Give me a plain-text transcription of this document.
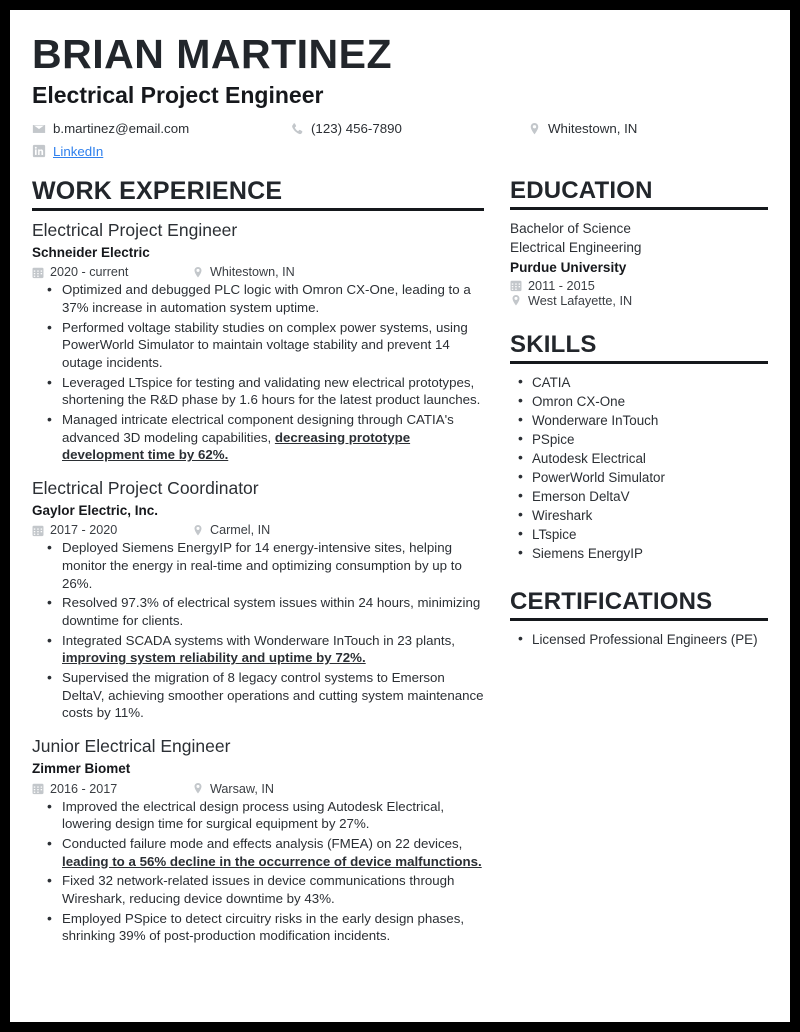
BRIAN MARTINEZ
Electrical Project Engineer
b.martinez@email.com	(123) 456-7890	Whitestown, IN
LinkedIn
WORK EXPERIENCE
Electrical Project Engineer
Schneider Electric
2020 - current	Whitestown, IN
• Optimized and debugged PLC logic with Omron CX-One, leading to a 37% increase in automation system uptime.
• Performed voltage stability studies on complex power systems, using PowerWorld Simulator to maintain voltage stability and prevent 14 outage incidents.
• Leveraged LTspice for testing and validating new electrical prototypes, shortening the R&D phase by 1.6 hours for the latest product launches.
• Managed intricate electrical component designing through CATIA's advanced 3D modeling capabilities, decreasing prototype development time by 62%.
Electrical Project Coordinator
Gaylor Electric, Inc.
2017 - 2020	Carmel, IN
• Deployed Siemens EnergyIP for 14 energy-intensive sites, helping monitor the energy in real-time and optimizing consumption by up to 26%.
• Resolved 97.3% of electrical system issues within 24 hours, minimizing downtime for clients.
• Integrated SCADA systems with Wonderware InTouch in 23 plants, improving system reliability and uptime by 72%.
• Supervised the migration of 8 legacy control systems to Emerson DeltaV, achieving smoother operations and cutting system maintenance costs by 11%.
Junior Electrical Engineer
Zimmer Biomet
2016 - 2017	Warsaw, IN
• Improved the electrical design process using Autodesk Electrical, lowering design time for surgical equipment by 27%.
• Conducted failure mode and effects analysis (FMEA) on 22 devices, leading to a 56% decline in the occurrence of device malfunctions.
• Fixed 32 network-related issues in device communications through Wireshark, reducing device downtime by 43%.
• Employed PSpice to detect circuitry risks in the early design phases, shrinking 39% of post-production modification incidents.
EDUCATION
Bachelor of Science
Electrical Engineering
Purdue University
2011 - 2015
West Lafayette, IN
SKILLS
• CATIA
• Omron CX-One
• Wonderware InTouch
• PSpice
• Autodesk Electrical
• PowerWorld Simulator
• Emerson DeltaV
• Wireshark
• LTspice
• Siemens EnergyIP
CERTIFICATIONS
• Licensed Professional Engineers (PE)
